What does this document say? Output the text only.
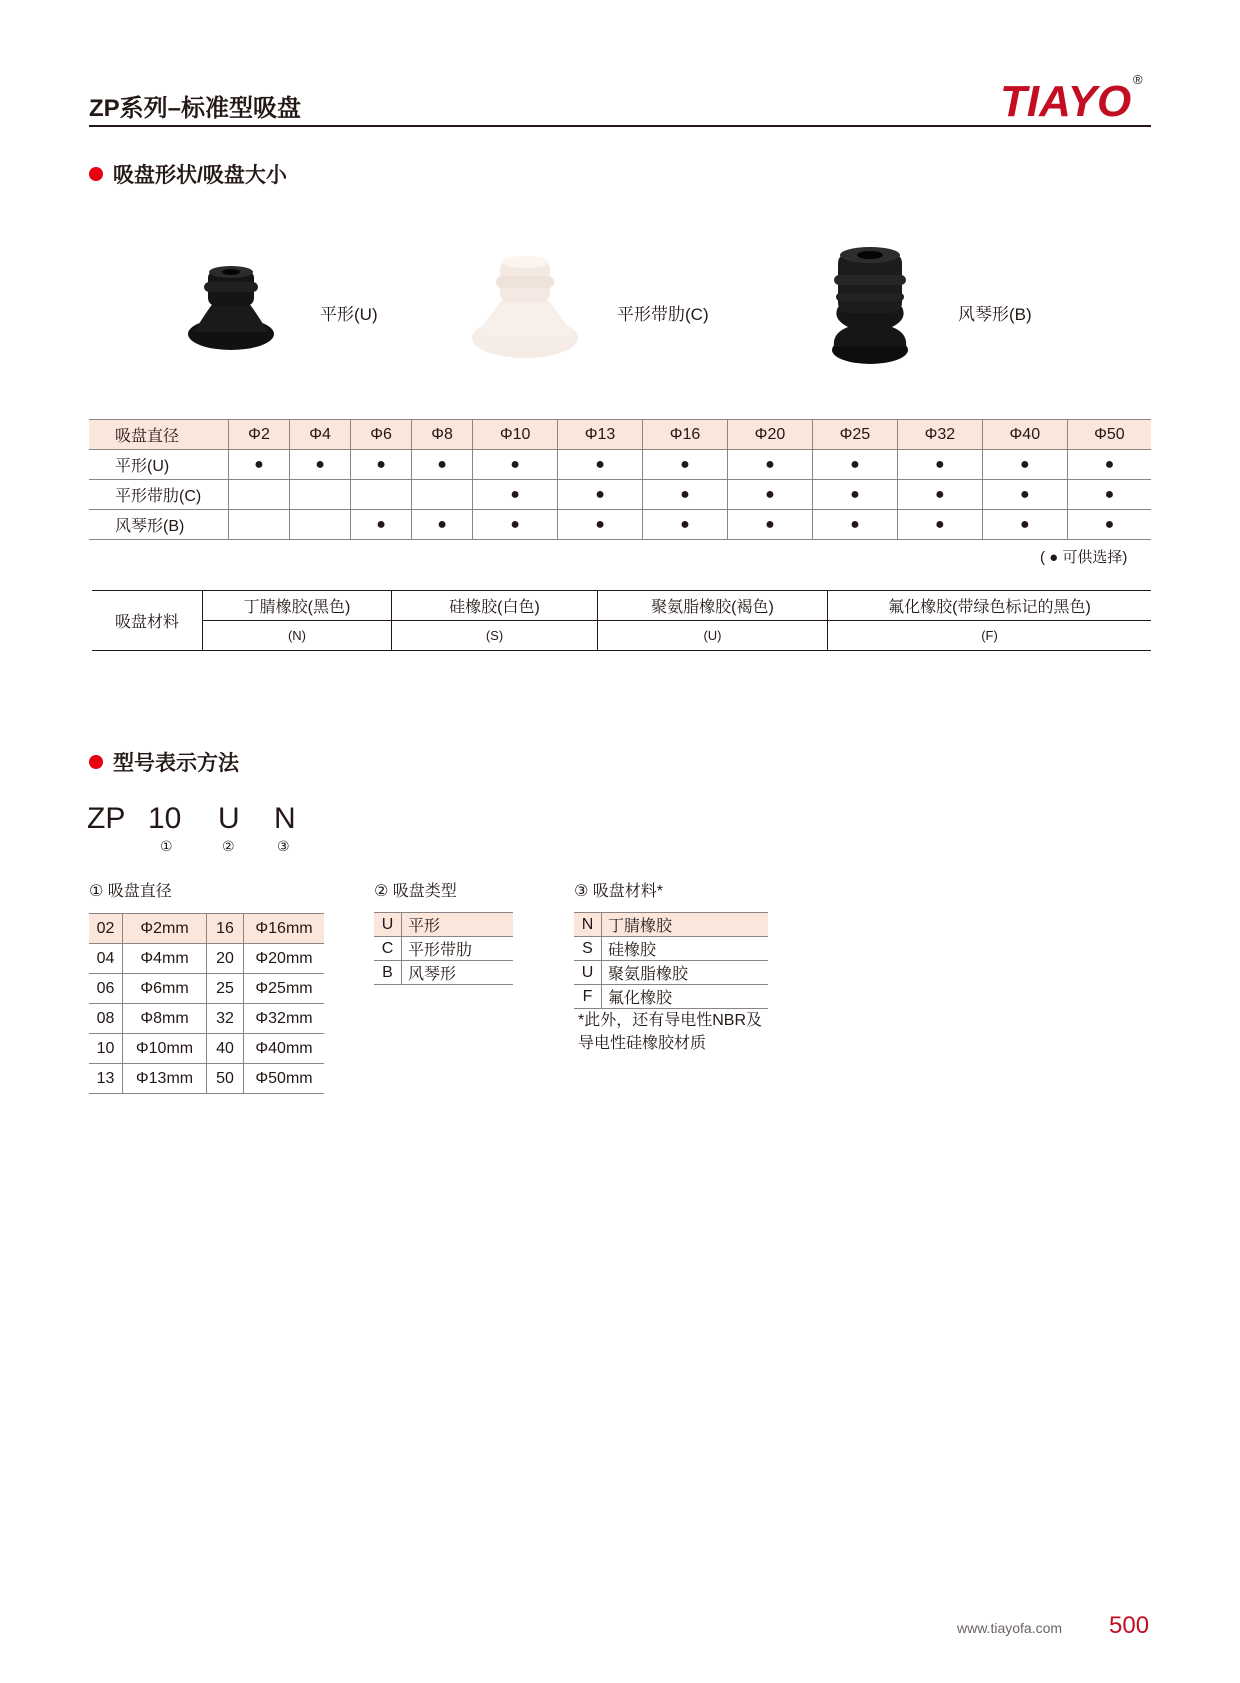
ZP系列–标准型吸盘	TIAYO ®
吸盘形状/吸盘大小
平形(U)	平形带肋(C)	风琴形(B)
吸盘直径	Φ2	Φ4	Φ6	Φ8	Φ10	Φ13	Φ16	Φ20	Φ25	Φ32	Φ40	Φ50
平形(U)	●	●	●	●	●	●	●	●	●	●	●	●
平形带肋(C)					●	●	●	●	●	●	●	●
风琴形(B)			●	●	●	●	●	●	●	●	●	●
( ● 可供选择)
吸盘材料	丁腈橡胶(黑色)	硅橡胶(白色)	聚氨脂橡胶(褐色)	氟化橡胶(带绿色标记的黑色)
	(N)	(S)	(U)	(F)
型号表示方法
ZP 10 U N
①	②	③
① 吸盘直径	② 吸盘类型	③ 吸盘材料*
02	Φ2mm	16	Φ16mm
04	Φ4mm	20	Φ20mm
06	Φ6mm	25	Φ25mm
08	Φ8mm	32	Φ32mm
10	Φ10mm	40	Φ40mm
13	Φ13mm	50	Φ50mm
U	平形
C	平形带肋
B	风琴形
N	丁腈橡胶
S	硅橡胶
U	聚氨脂橡胶
F	氟化橡胶
*此外，还有导电性NBR及
导电性硅橡胶材质
www.tiayofa.com 500
